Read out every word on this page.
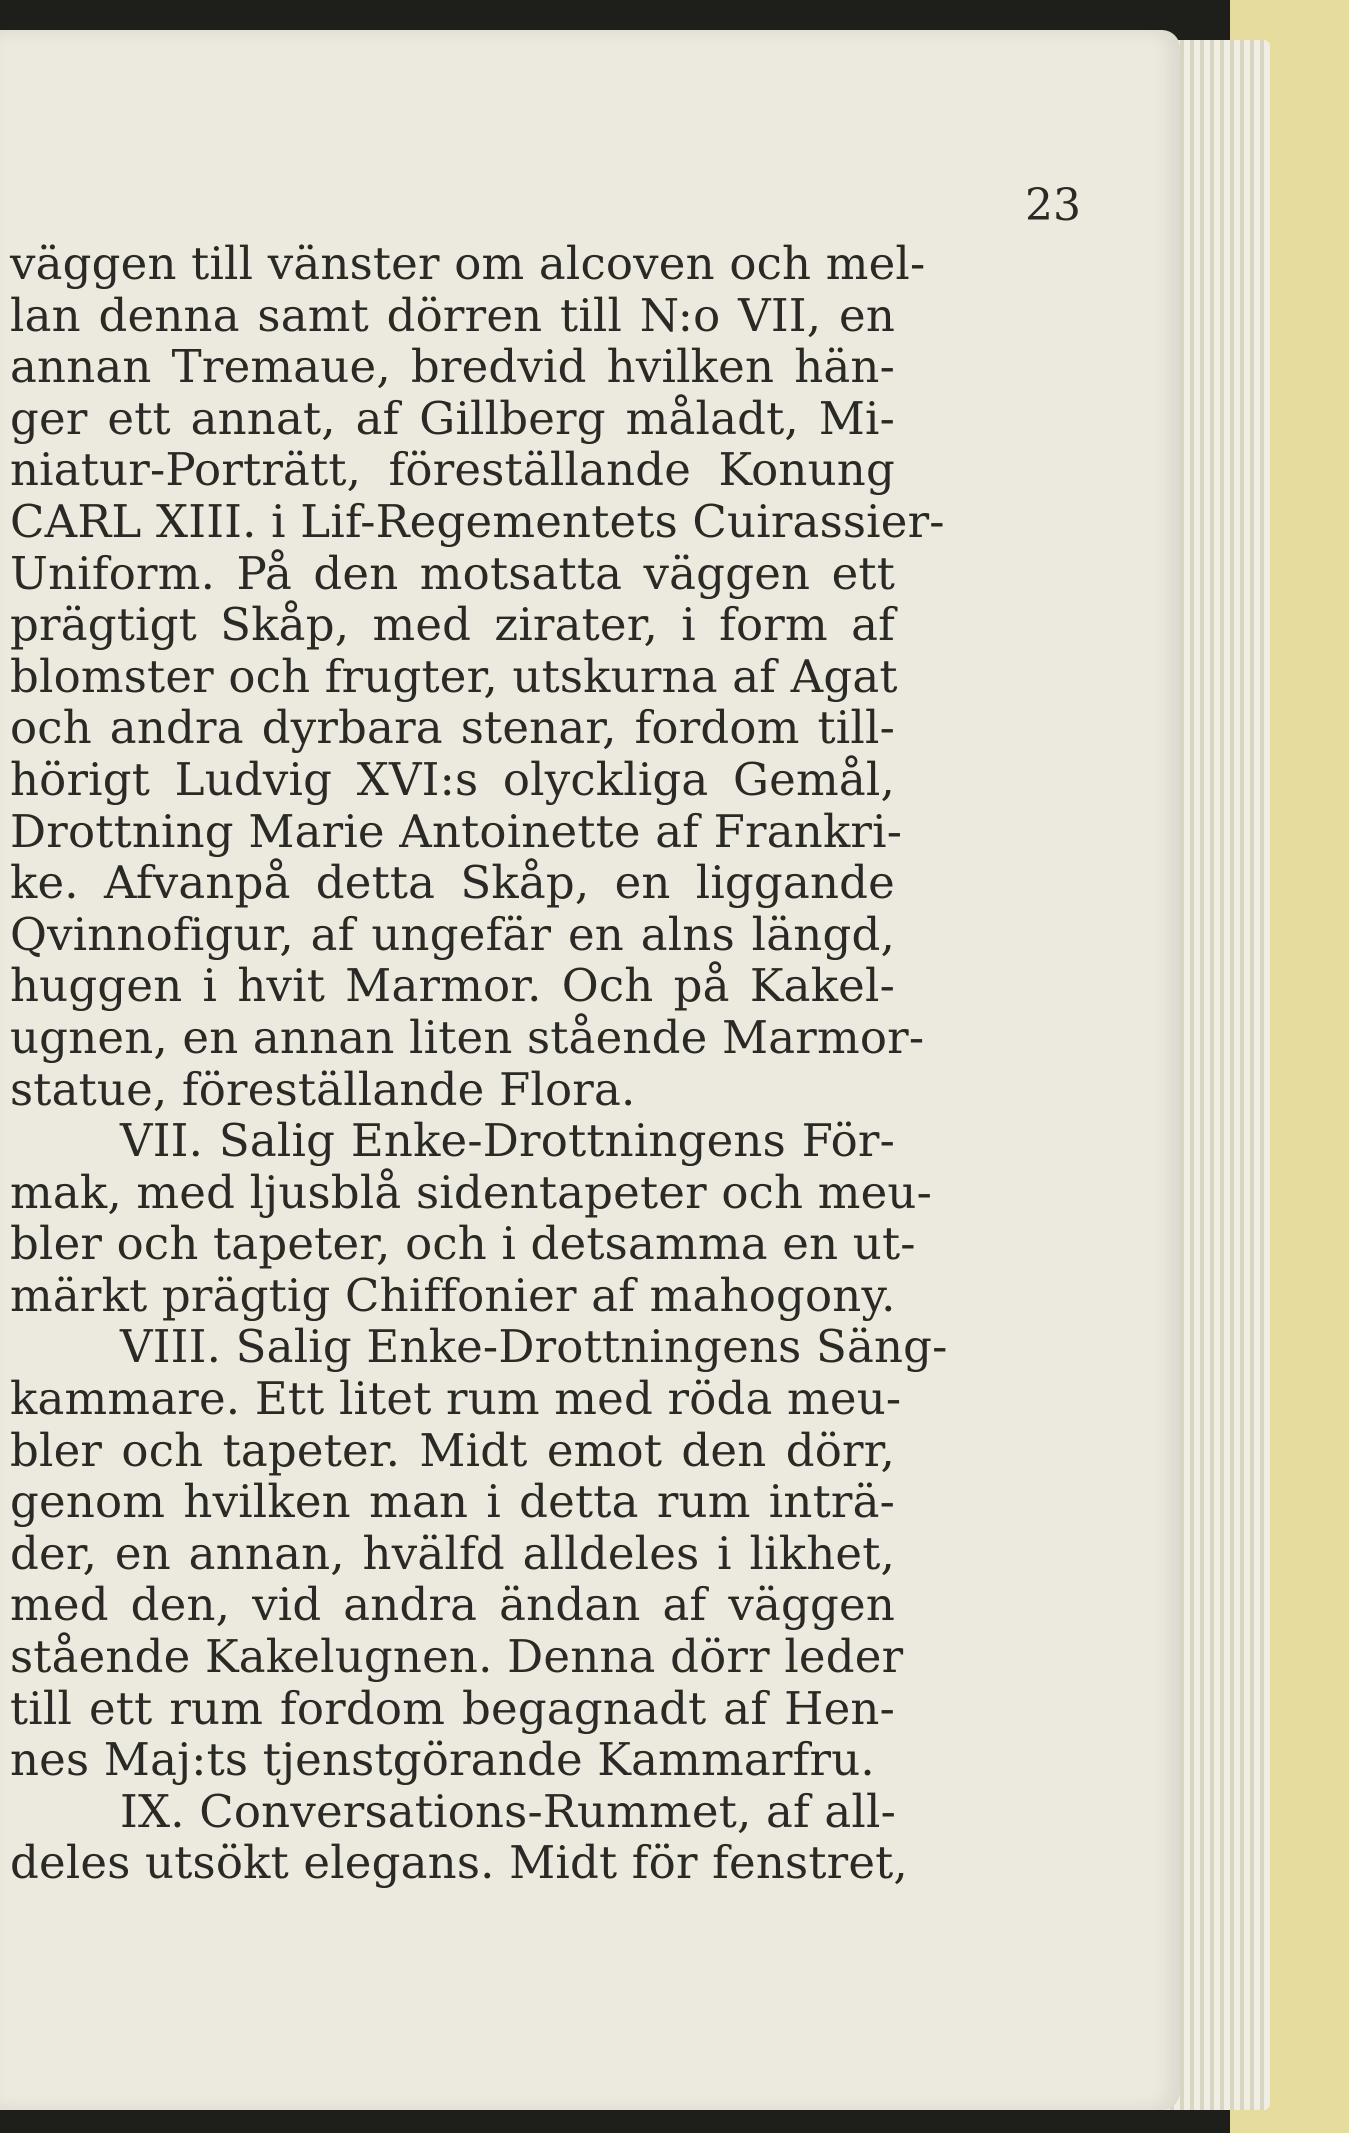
23
väggen till vänster om alcoven och mel-
lan denna samt dörren till N:o VII, en
annan Tremaue, bredvid hvilken hän-
ger ett annat, af Gillberg måladt, Mi-
niatur-Porträtt, föreställande Konung
CARL XIII. i Lif-Regementets Cuirassier-
Uniform. På den motsatta väggen ett
prägtigt Skåp, med zirater, i form af
blomster och frugter, utskurna af Agat
och andra dyrbara stenar, fordom till-
hörigt Ludvig XVI:s olyckliga Gemål,
Drottning Marie Antoinette af Frankri-
ke. Afvanpå detta Skåp, en liggande
Qvinnofigur, af ungefär en alns längd,
huggen i hvit Marmor. Och på Kakel-
ugnen, en annan liten stående Marmor-
statue, föreställande Flora.
VII. Salig Enke-Drottningens För-
mak, med ljusblå sidentapeter och meu-
bler och tapeter, och i detsamma en ut-
märkt prägtig Chiffonier af mahogony.
VIII. Salig Enke-Drottningens Säng-
kammare. Ett litet rum med röda meu-
bler och tapeter. Midt emot den dörr,
genom hvilken man i detta rum inträ-
der, en annan, hvälfd alldeles i likhet,
med den, vid andra ändan af väggen
stående Kakelugnen. Denna dörr leder
till ett rum fordom begagnadt af Hen-
nes Maj:ts tjenstgörande Kammarfru.
IX. Conversations-Rummet, af all-
deles utsökt elegans. Midt för fenstret,
